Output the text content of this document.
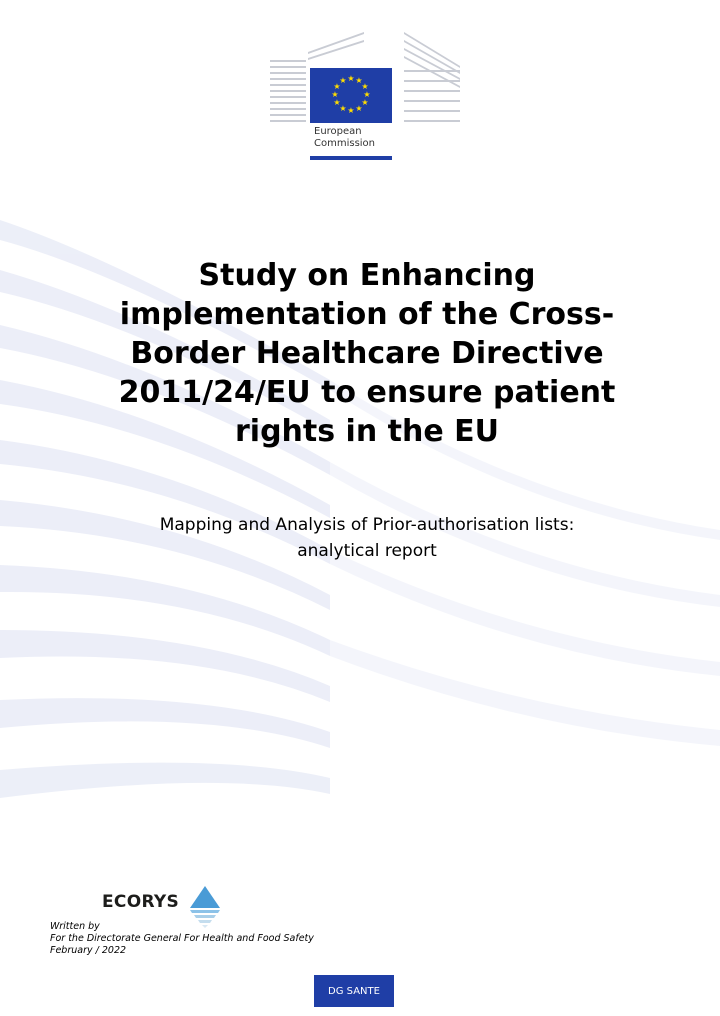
★ ★
★
★
★
★
★
★
★
★
★
★
European
Commission
Study on Enhancing implementation of the Cross-Border Healthcare Directive 2011/24/EU to ensure patient rights in the EU
Mapping and Analysis of Prior-authorisation lists:
analytical report
ECORYS
Written by
For the Directorate General For Health and Food Safety
February / 2022
DG SANTE
